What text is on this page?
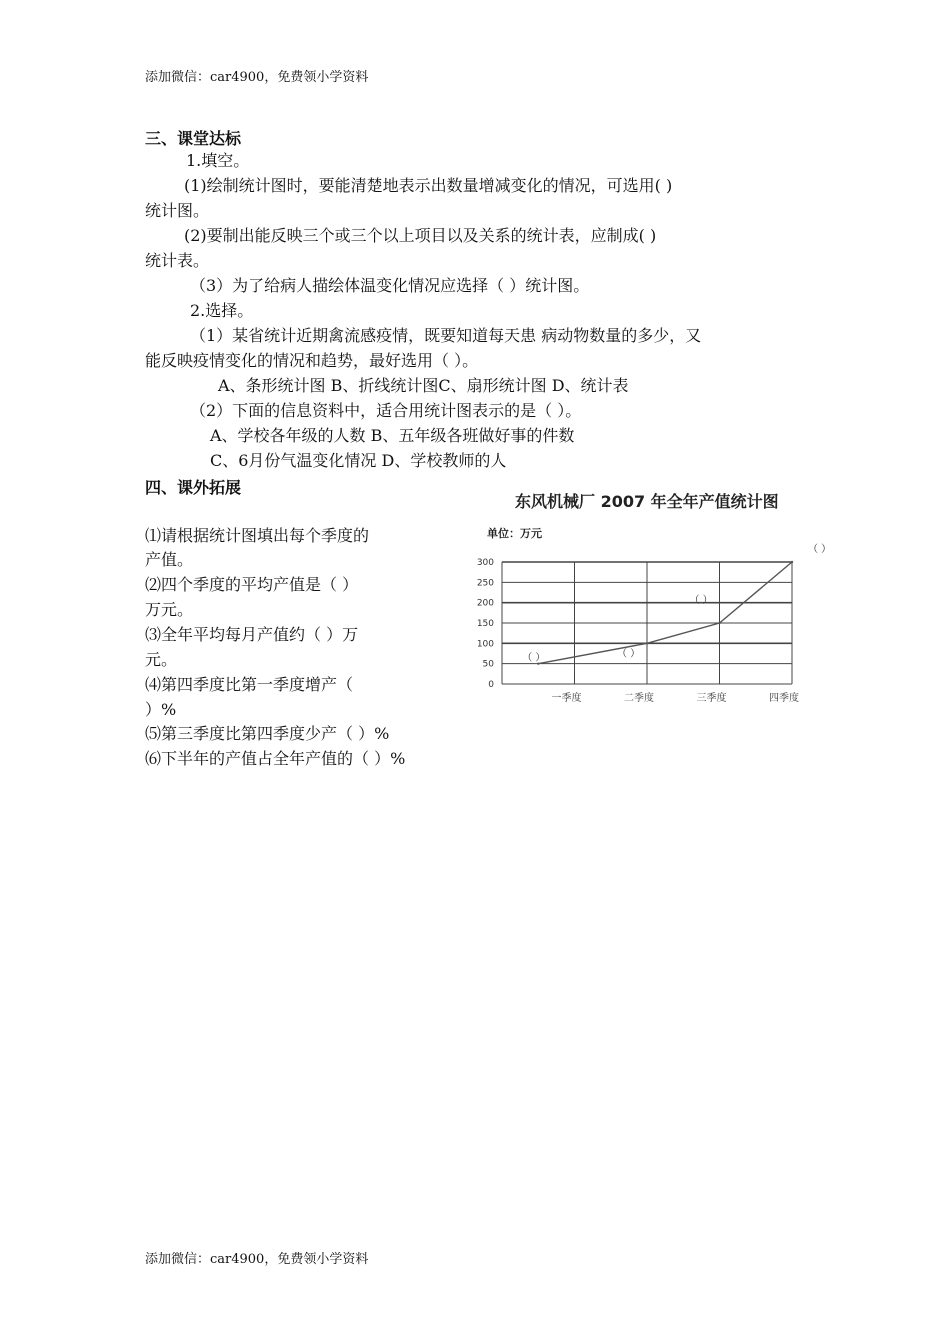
添加微信：car4900，免费领小学资料
三、课堂达标
1.填空。
(1)绘制统计图时，要能清楚地表示出数量增减变化的情况，可选用( )
统计图。
(2)要制出能反映三个或三个以上项目以及关系的统计表，应制成( )
统计表。
（3）为了给病人描绘体温变化情况应选择（ ）统计图。
2.选择。
（1）某省统计近期禽流感疫情，既要知道每天患 病动物数量的多少，又
能反映疫情变化的情况和趋势，最好选用（ ）。
A、条形统计图 B、折线统计图C、扇形统计图 D、统计表
（2）下面的信息资料中，适合用统计图表示的是（ ）。
A、学校各年级的人数 B、五年级各班做好事的件数
C、6月份气温变化情况 D、学校教师的人
四、课外拓展
⑴请根据统计图填出每个季度的
产值。
⑵四个季度的平均产值是（ ）
万元。
⑶全年平均每月产值约（ ）万
元。
⑷第四季度比第一季度增产（
）%
⑸第三季度比第四季度少产（ ）%
⑹下半年的产值占全年产值的（ ）%
东风机械厂 2007 年全年产值统计图
单位：万元
0
50
100
150
200
250
300
一季度	二季度	三季度	四季度
（ ）	（ ）
（ ）
（ ）
添加微信：car4900，免费领小学资料
